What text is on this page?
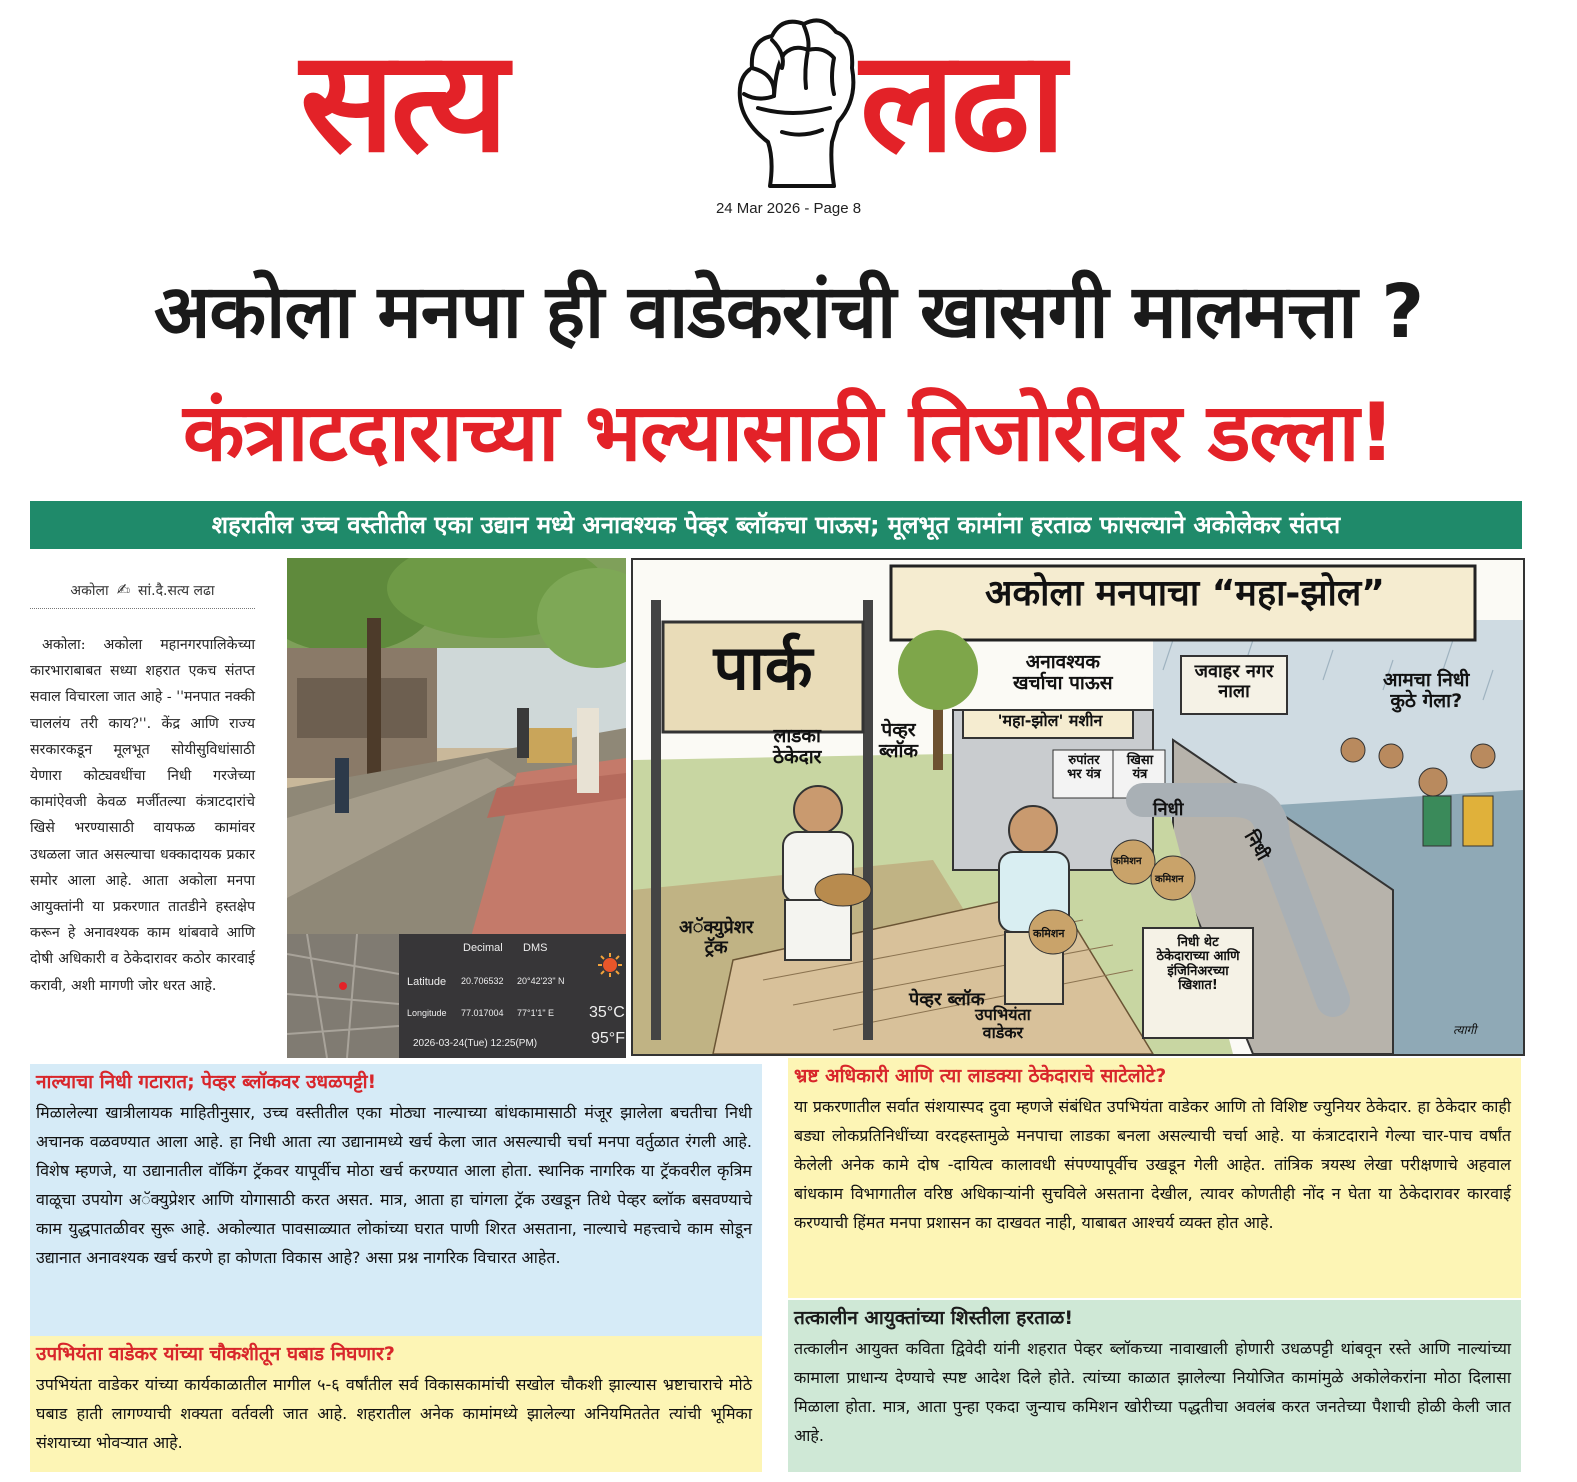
सत्य	लढा
24 Mar 2026 - Page 8
अकोला मनपा ही वाडेकरांची खासगी मालमत्ता ?
कंत्राटदाराच्या भल्यासाठी तिजोरीवर डल्ला!
शहरातील उच्च वस्तीतील एका उद्यान मध्ये अनावश्यक पेव्हर ब्लॉकचा पाऊस; मूलभूत कामांना हरताळ फासल्याने अकोलेकर संतप्त
अकोला ✍ सां.दै.सत्य लढा
अकोला: अकोला महानगरपालिकेच्या कारभाराबाबत सध्या शहरात एकच संतप्त सवाल विचारला जात आहे - ''मनपात नक्की चाललंय तरी काय?''. केंद्र आणि राज्य सरकारकडून मूलभूत सोयीसुविधांसाठी येणारा कोट्यवधींचा निधी गरजेच्या कामांऐवजी केवळ मर्जीतल्या कंत्राटदारांचे खिसे भरण्यासाठी वायफळ कामांवर उधळला जात असल्याचा धक्कादायक प्रकार समोर आला आहे. आता अकोला मनपा आयुक्तांनी या प्रकरणात तातडीने हस्तक्षेप करून हे अनावश्यक काम थांबवावे आणि दोषी अधिकारी व ठेकेदारावर कठोर कारवाई करावी, अशी मागणी जोर धरत आहे.
Decimal DMS
Latitude 20.706532 20°42'23" N
Longitude 77.017004 77°1'1" E 35°C
95°F
2026-03-24(Tue) 12:25(PM)
अकोला मनपाचा “महा-झोल”
पार्क
लाडका
ठेकेदार
पेव्हर
ब्लॉक
अनावश्यक
खर्चाचा पाऊस
'महा-झोल' मशीन
रुपांतर
भर यंत्र
खिसा
यंत्र
निधी
निधी
जवाहर नगर
नाला
आमचा निधी
कुठे गेला?
अॅक्युप्रेशर
ट्रॅक
पेव्हर ब्लॉक
उपभियंता
वाडेकर
कमिशन
कमिशन
कमिशन
निधी थेट
ठेकेदाराच्या आणि
इंजिनिअरच्या
खिशात!
त्यागी
नाल्याचा निधी गटारात; पेव्हर ब्लॉकवर उधळपट्टी!

मिळालेल्या खात्रीलायक माहितीनुसार, उच्च वस्तीतील एका मोठ्या नाल्याच्या बांधकामासाठी मंजूर झालेला बचतीचा निधी अचानक वळवण्यात आला आहे. हा निधी आता त्या उद्यानामध्ये खर्च केला जात असल्याची चर्चा मनपा वर्तुळात रंगली आहे. विशेष म्हणजे, या उद्यानातील वॉकिंग ट्रॅकवर यापूर्वीच मोठा खर्च करण्यात आला होता. स्थानिक नागरिक या ट्रॅकवरील कृत्रिम वाळूचा उपयोग अॅक्युप्रेशर आणि योगासाठी करत असत. मात्र, आता हा चांगला ट्रॅक उखडून तिथे पेव्हर ब्लॉक बसवण्याचे काम युद्धपातळीवर सुरू आहे. अकोल्यात पावसाळ्यात लोकांच्या घरात पाणी शिरत असताना, नाल्याचे महत्त्वाचे काम सोडून उद्यानात अनावश्यक खर्च करणे हा कोणता विकास आहे? असा प्रश्न नागरिक विचारत आहेत.

उपभियंता वाडेकर यांच्या चौकशीतून घबाड निघणार?

उपभियंता वाडेकर यांच्या कार्यकाळातील मागील ५-६ वर्षांतील सर्व विकासकामांची सखोल चौकशी झाल्यास भ्रष्टाचाराचे मोठे घबाड हाती लागण्याची शक्यता वर्तवली जात आहे. शहरातील अनेक कामांमध्ये झालेल्या अनियमिततेत त्यांची भूमिका संशयाच्या भोवऱ्यात आहे.

भ्रष्ट अधिकारी आणि त्या लाडक्या ठेकेदाराचे साटेलोटे?

या प्रकरणातील सर्वात संशयास्पद दुवा म्हणजे संबंधित उपभियंता वाडेकर आणि तो विशिष्ट ज्युनियर ठेकेदार. हा ठेकेदार काही बड्या लोकप्रतिनिधींच्या वरदहस्तामुळे मनपाचा लाडका बनला असल्याची चर्चा आहे. या कंत्राटदाराने गेल्या चार-पाच वर्षांत केलेली अनेक कामे दोष -दायित्व कालावधी संपण्यापूर्वीच उखडून गेली आहेत. तांत्रिक त्रयस्थ लेखा परीक्षणाचे अहवाल बांधकाम विभागातील वरिष्ठ अधिकाऱ्यांनी सुचविले असताना देखील, त्यावर कोणतीही नोंद न घेता या ठेकेदारावर कारवाई करण्याची हिंमत मनपा प्रशासन का दाखवत नाही, याबाबत आश्चर्य व्यक्त होत आहे.

तत्कालीन आयुक्तांच्या शिस्तीला हरताळ!

तत्कालीन आयुक्त कविता द्विवेदी यांनी शहरात पेव्हर ब्लॉकच्या नावाखाली होणारी उधळपट्टी थांबवून रस्ते आणि नाल्यांच्या कामाला प्राधान्य देण्याचे स्पष्ट आदेश दिले होते. त्यांच्या काळात झालेल्या नियोजित कामांमुळे अकोलेकरांना मोठा दिलासा मिळाला होता. मात्र, आता पुन्हा एकदा जुन्याच कमिशन खोरीच्या पद्धतीचा अवलंब करत जनतेच्या पैशाची होळी केली जात आहे.
